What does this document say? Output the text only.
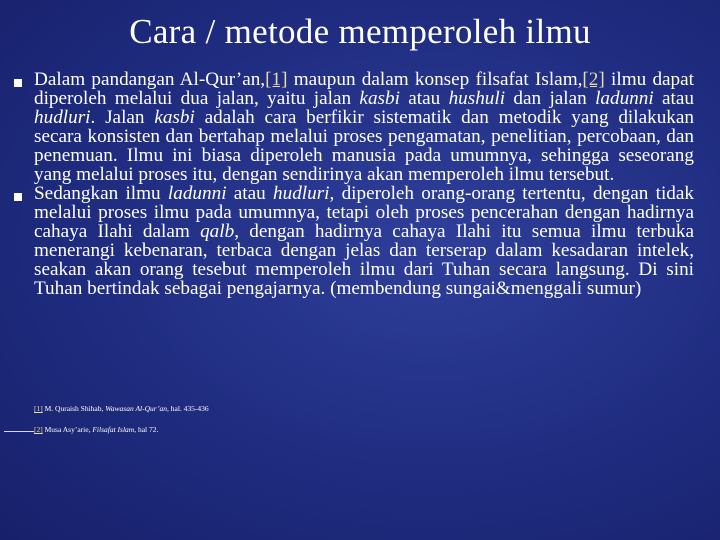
Cara / metode memperoleh ilmu
Dalam pandangan Al-Qur’an,[1] maupun dalam konsep filsafat Islam,[2] ilmu dapat diperoleh melalui dua jalan, yaitu jalan kasbi atau hushuli dan jalan ladunni atau hudluri. Jalan kasbi adalah cara berfikir sistematik dan metodik yang dilakukan secara konsisten dan bertahap melalui proses pengamatan, penelitian, percobaan, dan penemuan. Ilmu ini biasa diperoleh manusia pada umumnya, sehingga seseorang yang melalui proses itu, dengan sendirinya akan memperoleh ilmu tersebut.
Sedangkan ilmu ladunni atau hudluri, diperoleh orang-orang tertentu, dengan tidak melalui proses ilmu pada umumnya, tetapi oleh proses pencerahan dengan hadirnya cahaya Ilahi dalam qalb, dengan hadirnya cahaya Ilahi itu semua ilmu terbuka menerangi kebenaran, terbaca dengan jelas dan terserap dalam kesadaran intelek, seakan akan orang tesebut memperoleh ilmu dari Tuhan secara langsung. Di sini Tuhan bertindak sebagai pengajarnya. (membendung sungai&menggali sumur)
[1] M. Quraish Shihab, Wawasan Al-Qur’an, hal. 435-436
[2] Musa Asy’arie, Filsafat Islam, hal 72.
